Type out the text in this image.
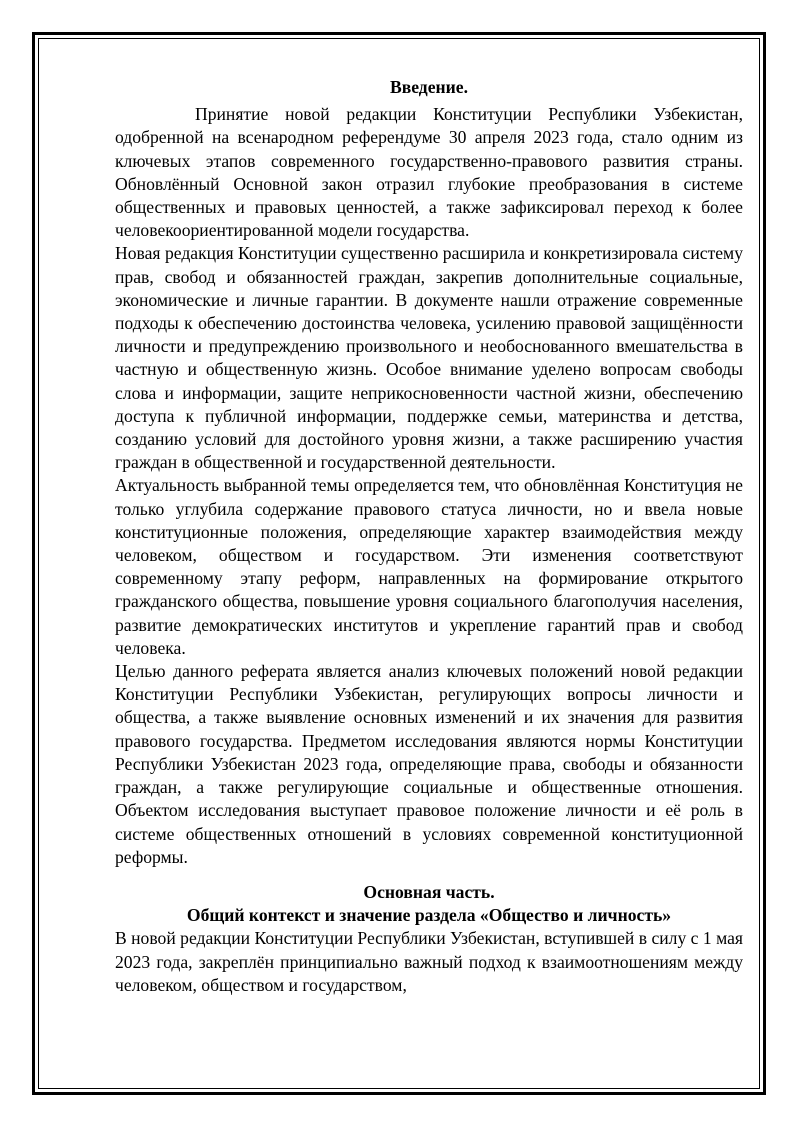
Введение.

Принятие новой редакции Конституции Республики Узбекистан, одобренной на всенародном референдуме 30 апреля 2023 года, стало одним из ключевых этапов современного государственно-правового развития страны. Обновлённый Основной закон отразил глубокие преобразования в системе общественных и правовых ценностей, а также зафиксировал переход к более человекоориентированной модели государства.

Новая редакция Конституции существенно расширила и конкретизировала систему прав, свобод и обязанностей граждан, закрепив дополнительные социальные, экономические и личные гарантии. В документе нашли отражение современные подходы к обеспечению достоинства человека, усилению правовой защищённости личности и предупреждению произвольного и необоснованного вмешательства в частную и общественную жизнь. Особое внимание уделено вопросам свободы слова и информации, защите неприкосновенности частной жизни, обеспечению доступа к публичной информации, поддержке семьи, материнства и детства, созданию условий для достойного уровня жизни, а также расширению участия граждан в общественной и государственной деятельности.

Актуальность выбранной темы определяется тем, что обновлённая Конституция не только углубила содержание правового статуса личности, но и ввела новые конституционные положения, определяющие характер взаимодействия между человеком, обществом и государством. Эти изменения соответствуют современному этапу реформ, направленных на формирование открытого гражданского общества, повышение уровня социального благополучия населения, развитие демократических институтов и укрепление гарантий прав и свобод человека.

Целью данного реферата является анализ ключевых положений новой редакции Конституции Республики Узбекистан, регулирующих вопросы личности и общества, а также выявление основных изменений и их значения для развития правового государства. Предметом исследования являются нормы Конституции Республики Узбекистан 2023 года, определяющие права, свободы и обязанности граждан, а также регулирующие социальные и общественные отношения. Объектом исследования выступает правовое положение личности и её роль в системе общественных отношений в условиях современной конституционной реформы.

Основная часть.

Общий контекст и значение раздела «Общество и личность»

В новой редакции Конституции Республики Узбекистан, вступившей в силу с 1 мая 2023 года, закреплён принципиально важный подход к взаимоотношениям между человеком, обществом и государством,
